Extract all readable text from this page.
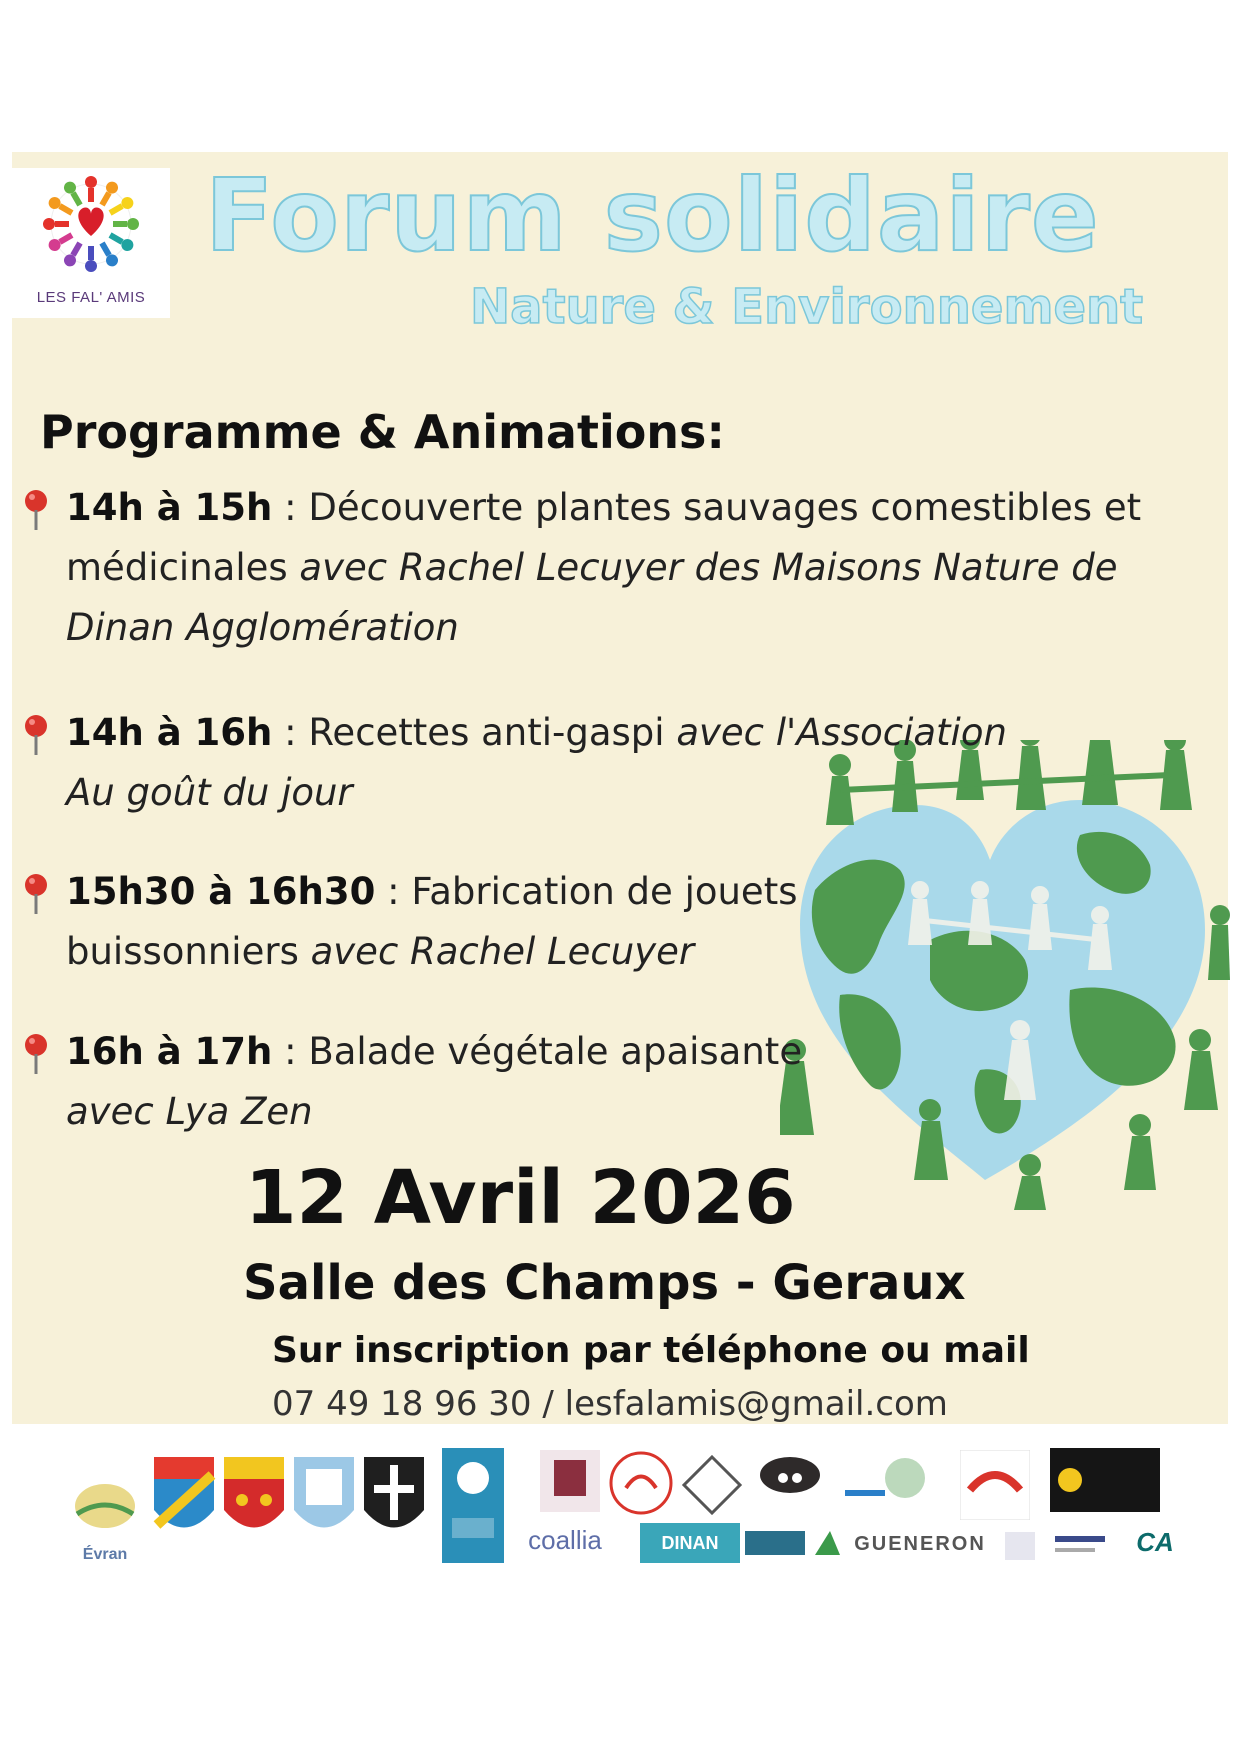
LES FAL' AMIS
Forum solidaire
Nature & Environnement
Programme & Animations:
14h à 15h : Découverte plantes sauvages comestibles et médicinales avec Rachel Lecuyer des Maisons Nature de Dinan Agglomération
14h à 16h : Recettes anti-gaspi avec l'Association Au goût du jour
15h30 à 16h30 : Fabrication de jouets buissonniers avec Rachel Lecuyer
16h à 17h : Balade végétale apaisante avec Lya Zen
12 Avril 2026
Salle des Champs - Geraux
Sur inscription par téléphone ou mail
07 49 18 96 30 / lesfalamis@gmail.com
Évran	coallia	DINAN	GUENERON	CA
